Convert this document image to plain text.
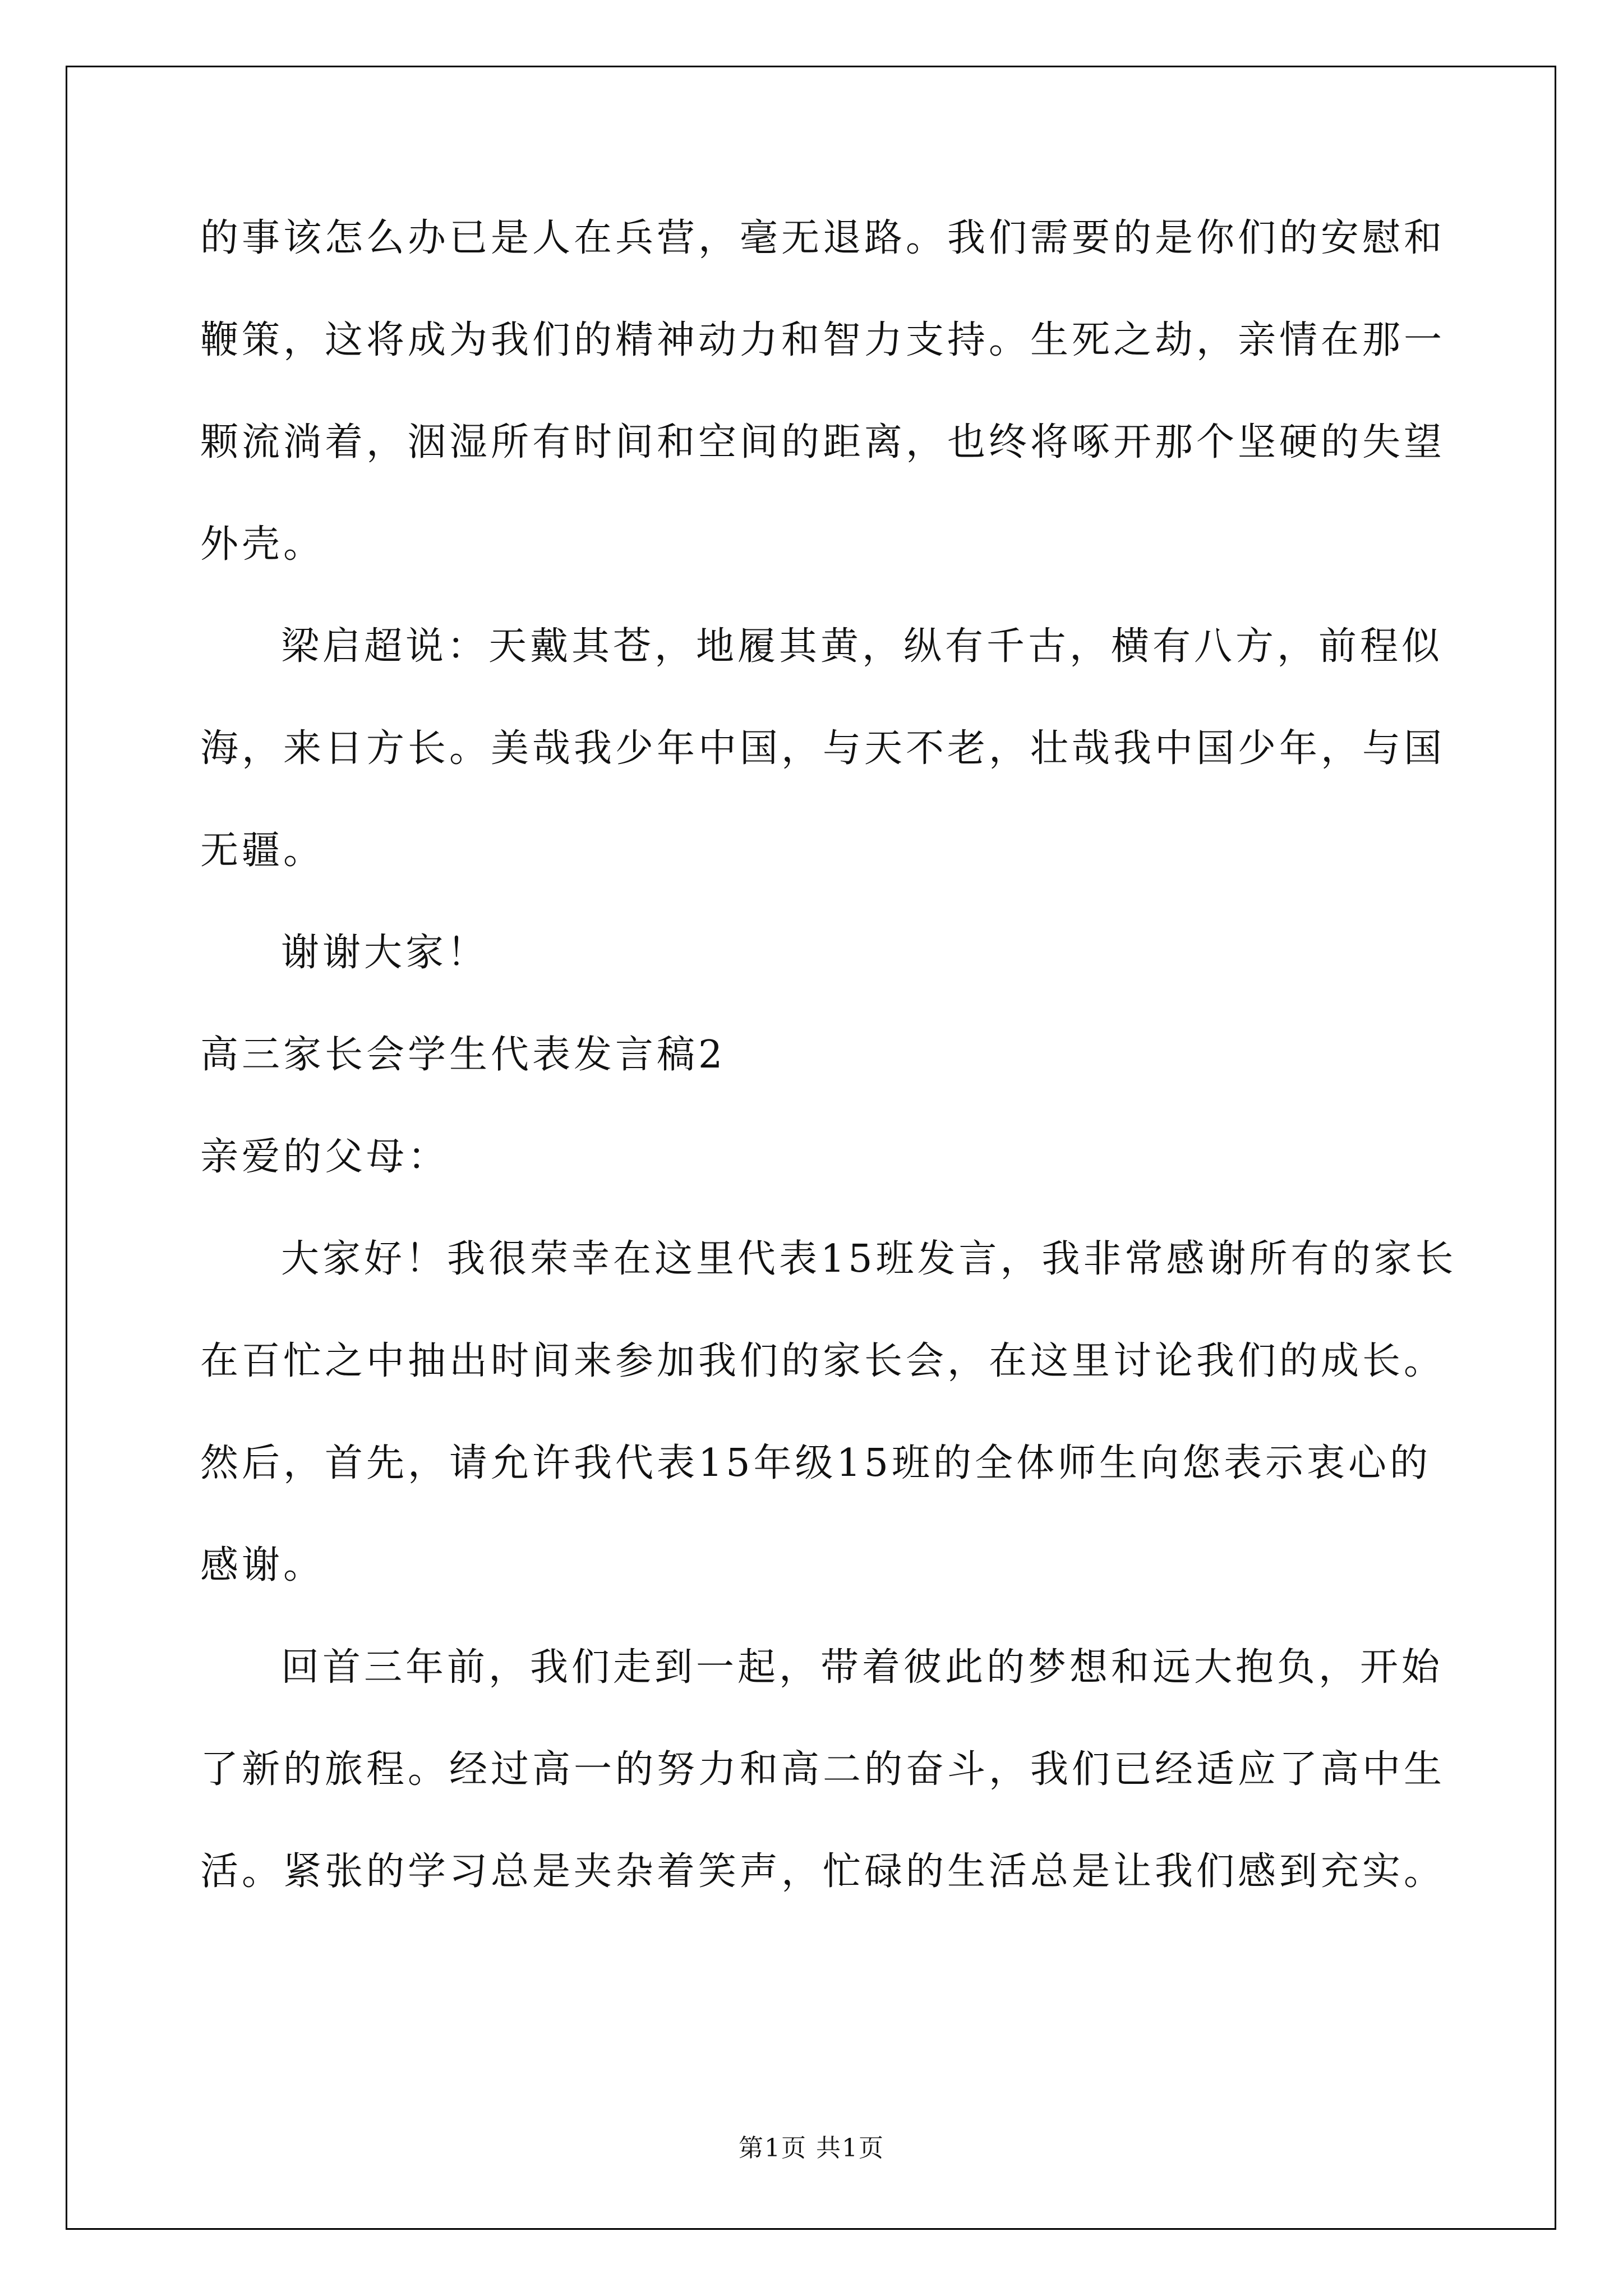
的事该怎么办已是人在兵营，毫无退路。我们需要的是你们的安慰和
鞭策，这将成为我们的精神动力和智力支持。生死之劫，亲情在那一
颗流淌着，洇湿所有时间和空间的距离，也终将啄开那个坚硬的失望
外壳。
梁启超说：天戴其苍，地履其黄，纵有千古，横有八方，前程似
海，来日方长。美哉我少年中国，与天不老，壮哉我中国少年，与国
无疆。
谢谢大家！
高三家长会学生代表发言稿2
亲爱的父母：
大家好！我很荣幸在这里代表15班发言，我非常感谢所有的家长
在百忙之中抽出时间来参加我们的家长会，在这里讨论我们的成长。
然后，首先，请允许我代表15年级15班的全体师生向您表示衷心的
感谢。
回首三年前，我们走到一起，带着彼此的梦想和远大抱负，开始
了新的旅程。经过高一的努力和高二的奋斗，我们已经适应了高中生
活。紧张的学习总是夹杂着笑声，忙碌的生活总是让我们感到充实。
第1页 共1页
